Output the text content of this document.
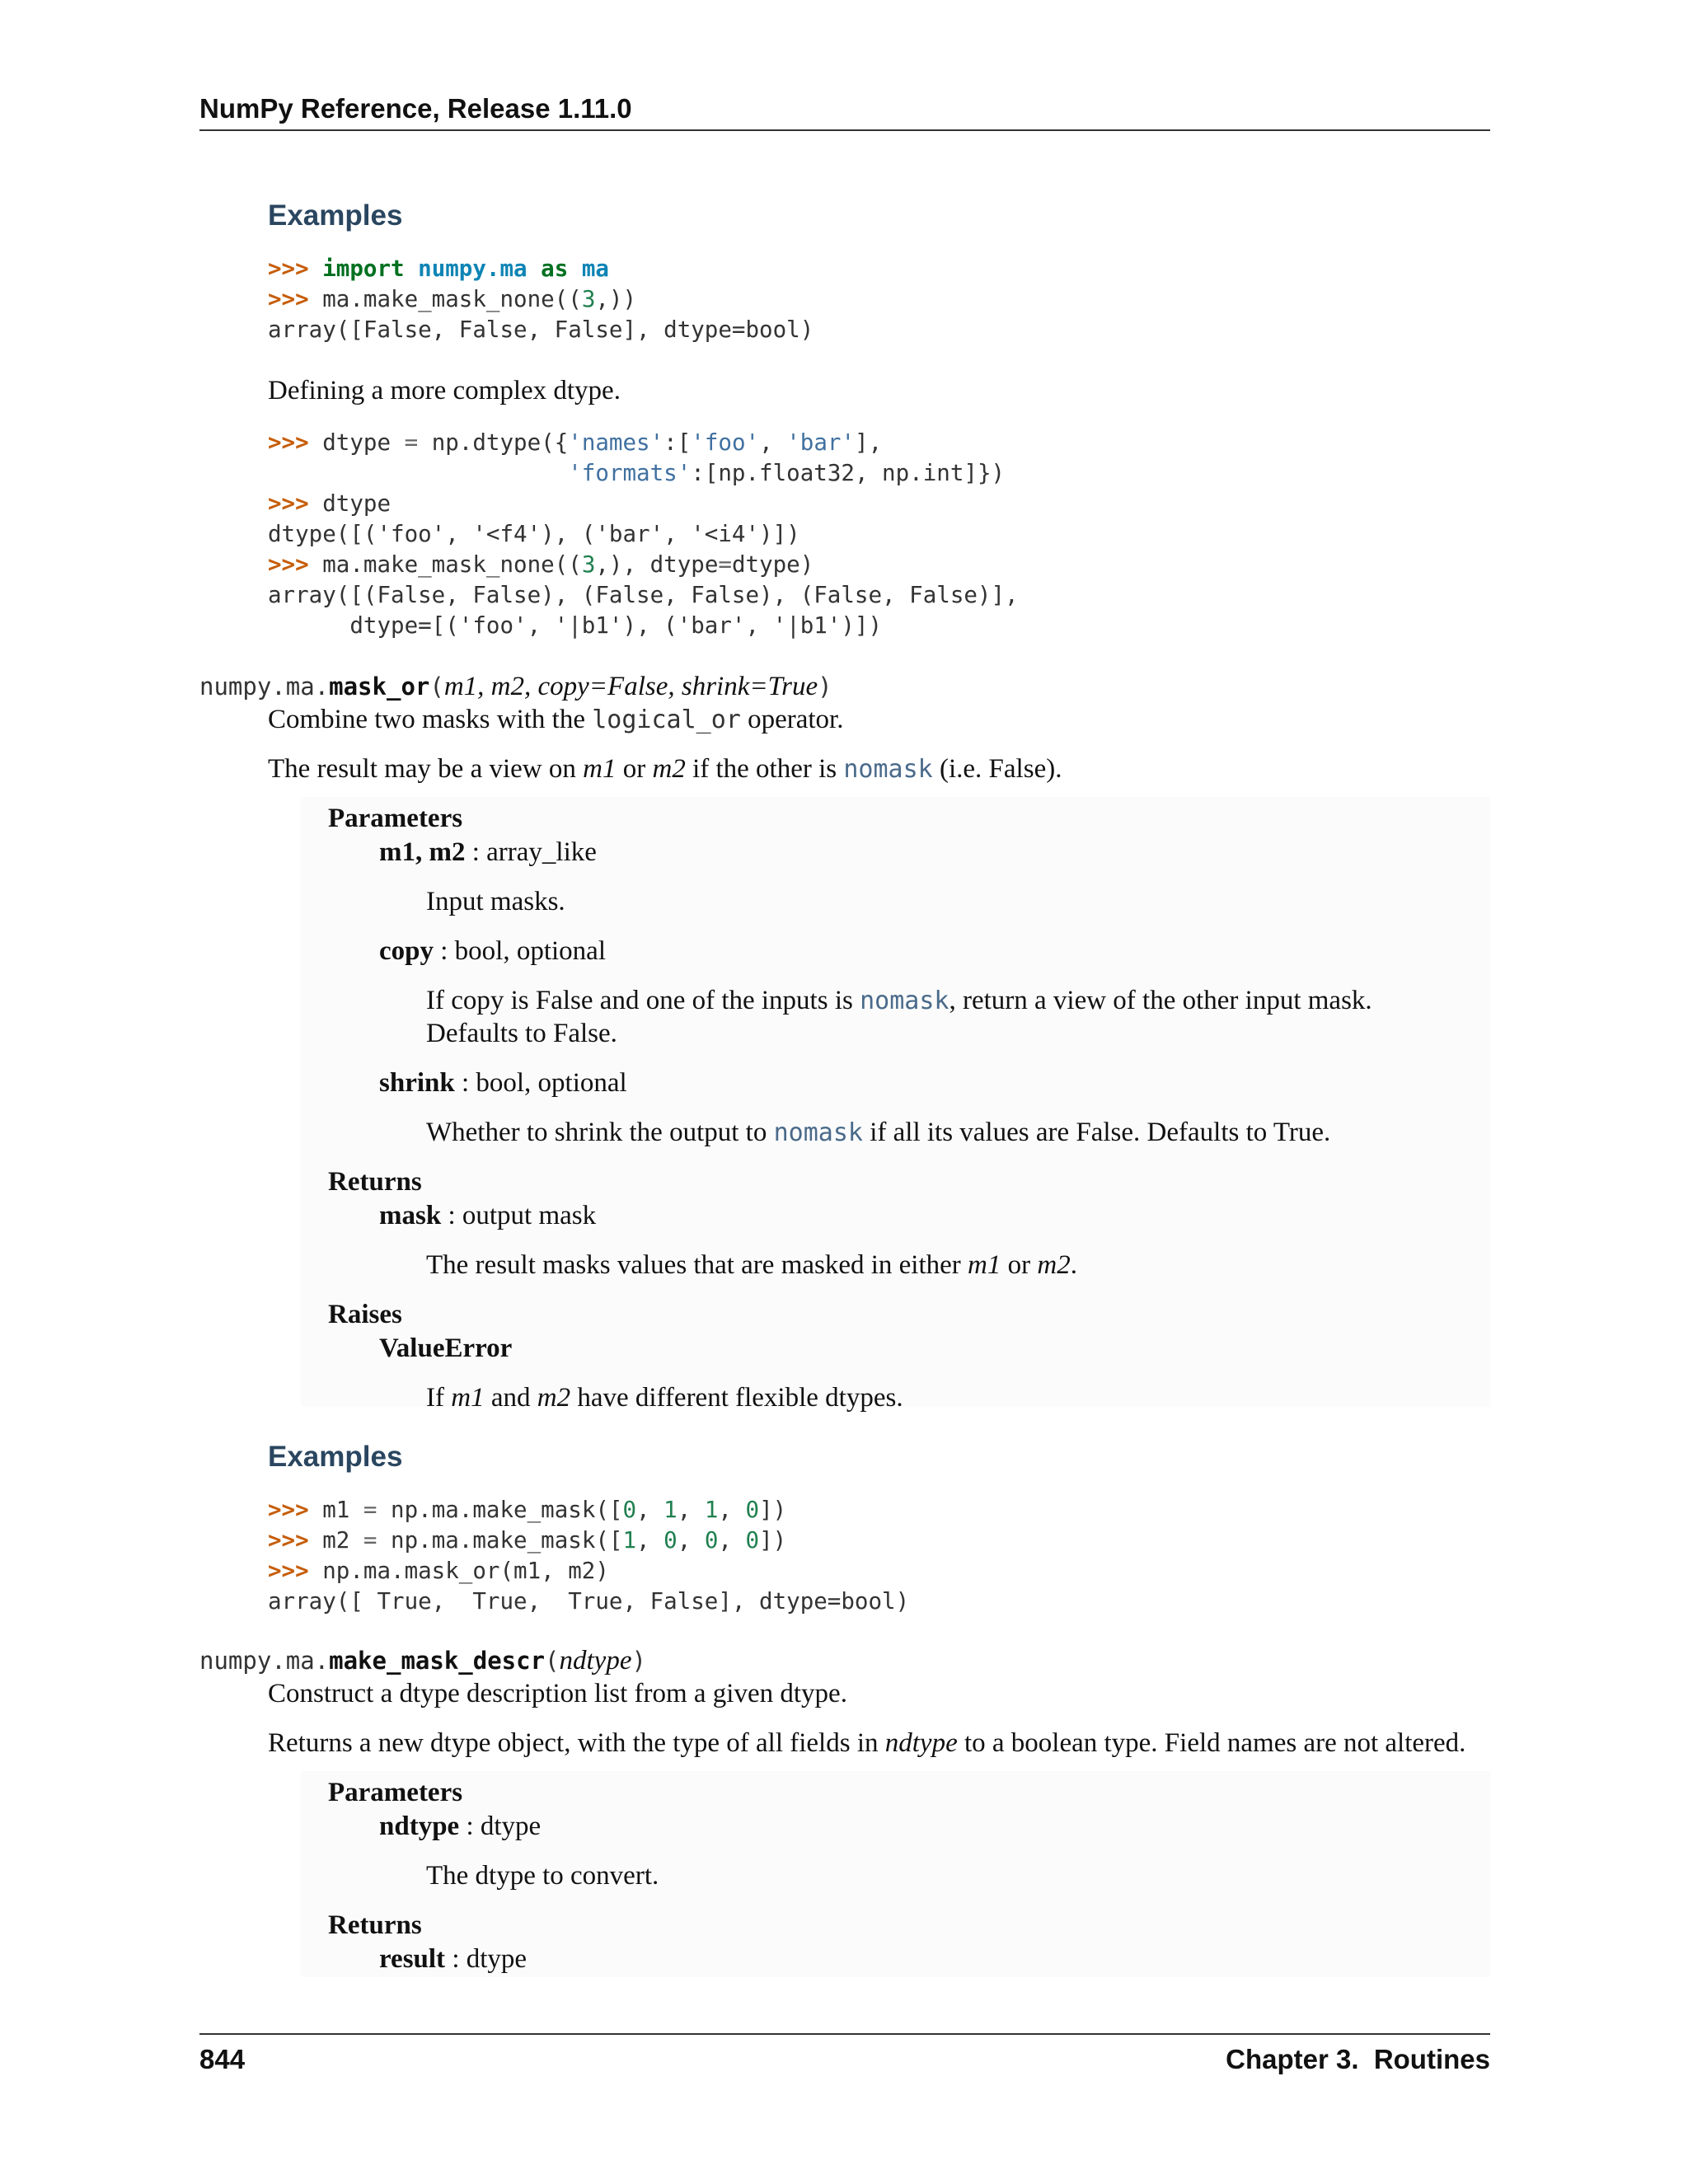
NumPy Reference, Release 1.11.0
Examples
>>> import numpy.ma as ma
>>> ma.make_mask_none((3,))
array([False, False, False], dtype=bool)
Defining a more complex dtype.
>>> dtype = np.dtype({'names':['foo', 'bar'],
'formats':[np.float32, np.int]})
>>> dtype
dtype([('foo', '<f4'), ('bar', '<i4')])
>>> ma.make_mask_none((3,), dtype=dtype)
array([(False, False), (False, False), (False, False)],
dtype=[('foo', '|b1'), ('bar', '|b1')])
numpy.ma.mask_or(m1, m2, copy=False, shrink=True)
Combine two masks with the logical_or operator.
The result may be a view on m1 or m2 if the other is nomask (i.e. False).
Parameters
m1, m2 : array_like
Input masks.
copy : bool, optional
If copy is False and one of the inputs is nomask, return a view of the other input mask.
Defaults to False.
shrink : bool, optional
Whether to shrink the output to nomask if all its values are False. Defaults to True.
Returns
mask : output mask
The result masks values that are masked in either m1 or m2.
Raises
ValueError
If m1 and m2 have different flexible dtypes.
Examples
>>> m1 = np.ma.make_mask([0, 1, 1, 0])
>>> m2 = np.ma.make_mask([1, 0, 0, 0])
>>> np.ma.mask_or(m1, m2)
array([ True,  True,  True, False], dtype=bool)
numpy.ma.make_mask_descr(ndtype)
Construct a dtype description list from a given dtype.
Returns a new dtype object, with the type of all fields in ndtype to a boolean type. Field names are not altered.
Parameters
ndtype : dtype
The dtype to convert.
Returns
result : dtype
844	Chapter 3.  Routines
